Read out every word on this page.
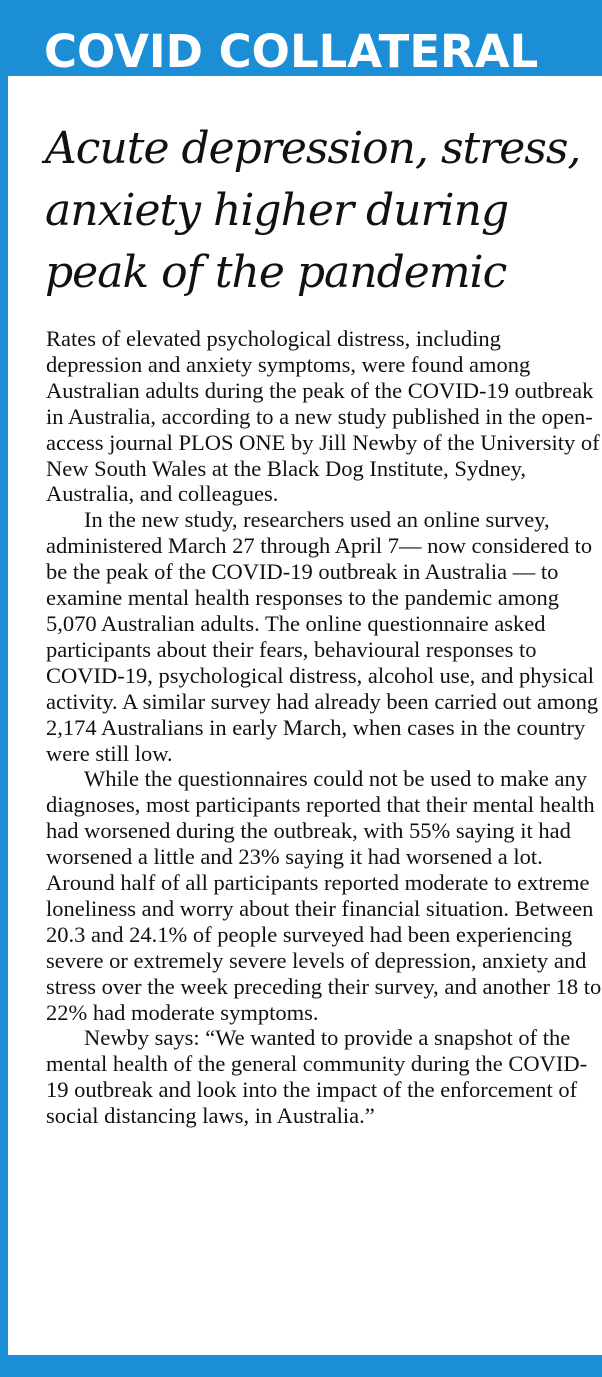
COVID COLLATERAL
Acute depression, stress, anxiety higher during peak of the pandemic

Rates of elevated psychological distress, including depression and anxiety symptoms, were found among Australian adults during the peak of the COVID-19 outbreak in Australia, according to a new study published in the open-access journal PLOS ONE by Jill Newby of the University of New South Wales at the Black Dog Institute, Sydney, Australia, and colleagues.

In the new study, researchers used an online survey, administered March 27 through April 7— now considered to be the peak of the COVID-19 outbreak in Australia — to examine mental health responses to the pandemic among 5,070 Australian adults. The online questionnaire asked participants about their fears, behavioural responses to COVID-19, psychological distress, alcohol use, and physical activity. A similar survey had already been carried out among 2,174 Australians in early March, when cases in the country were still low.

While the questionnaires could not be used to make any diagnoses, most participants reported that their mental health had worsened during the outbreak, with 55% saying it had worsened a little and 23% saying it had worsened a lot. Around half of all participants reported moderate to extreme loneliness and worry about their financial situation. Between 20.3 and 24.1% of people surveyed had been experiencing severe or extremely severe levels of depression, anxiety and stress over the week preceding their survey, and another 18 to 22% had moderate symptoms.

Newby says: “We wanted to provide a snapshot of the mental health of the general community during the COVID-19 outbreak and look into the impact of the enforcement of social distancing laws, in Australia.”
